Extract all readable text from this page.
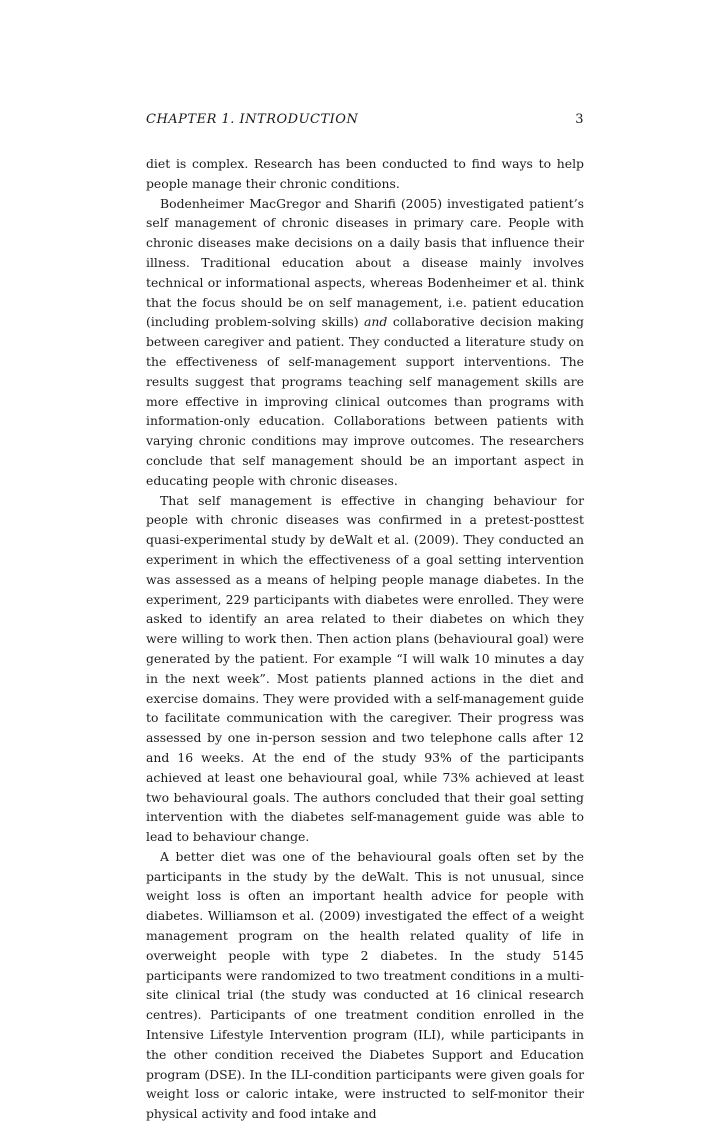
CHAPTER 1. INTRODUCTION	3

diet is complex. Research has been conducted to find ways to help people manage their chronic conditions.

Bodenheimer MacGregor and Sharifi (2005) investigated patient’s self management of chronic diseases in primary care. People with chronic diseases make decisions on a daily basis that influence their illness. Traditional education about a disease mainly involves technical or informational aspects, whereas Bodenheimer et al. think that the focus should be on self management, i.e. patient education (including problem-solving skills) and collaborative decision making between caregiver and patient. They conducted a literature study on the effectiveness of self-management support interventions. The results suggest that programs teaching self management skills are more effective in improving clinical outcomes than programs with information-only education. Collaborations between patients with varying chronic conditions may improve outcomes. The researchers conclude that self management should be an important aspect in educating people with chronic diseases.

That self management is effective in changing behaviour for people with chronic diseases was confirmed in a pretest-posttest quasi-experimental study by deWalt et al. (2009). They conducted an experiment in which the effectiveness of a goal setting intervention was assessed as a means of helping people manage diabetes. In the experiment, 229 participants with diabetes were enrolled. They were asked to identify an area related to their diabetes on which they were willing to work then. Then action plans (behavioural goal) were generated by the patient. For example “I will walk 10 minutes a day in the next week”. Most patients planned actions in the diet and exercise domains. They were provided with a self-management guide to facilitate communication with the caregiver. Their progress was assessed by one in-person session and two telephone calls after 12 and 16 weeks. At the end of the study 93% of the participants achieved at least one behavioural goal, while 73% achieved at least two behavioural goals. The authors concluded that their goal setting intervention with the diabetes self-management guide was able to lead to behaviour change.

A better diet was one of the behavioural goals often set by the participants in the study by the deWalt. This is not unusual, since weight loss is often an important health advice for people with diabetes. Williamson et al. (2009) investigated the effect of a weight management program on the health related quality of life in overweight people with type 2 diabetes. In the study 5145 participants were randomized to two treatment conditions in a multi-site clinical trial (the study was conducted at 16 clinical research centres). Participants of one treatment condition enrolled in the Intensive Lifestyle Intervention program (ILI), while participants in the other condition received the Diabetes Support and Education program (DSE). In the ILI-condition participants were given goals for weight loss or caloric intake, were instructed to self-monitor their physical activity and food intake and
